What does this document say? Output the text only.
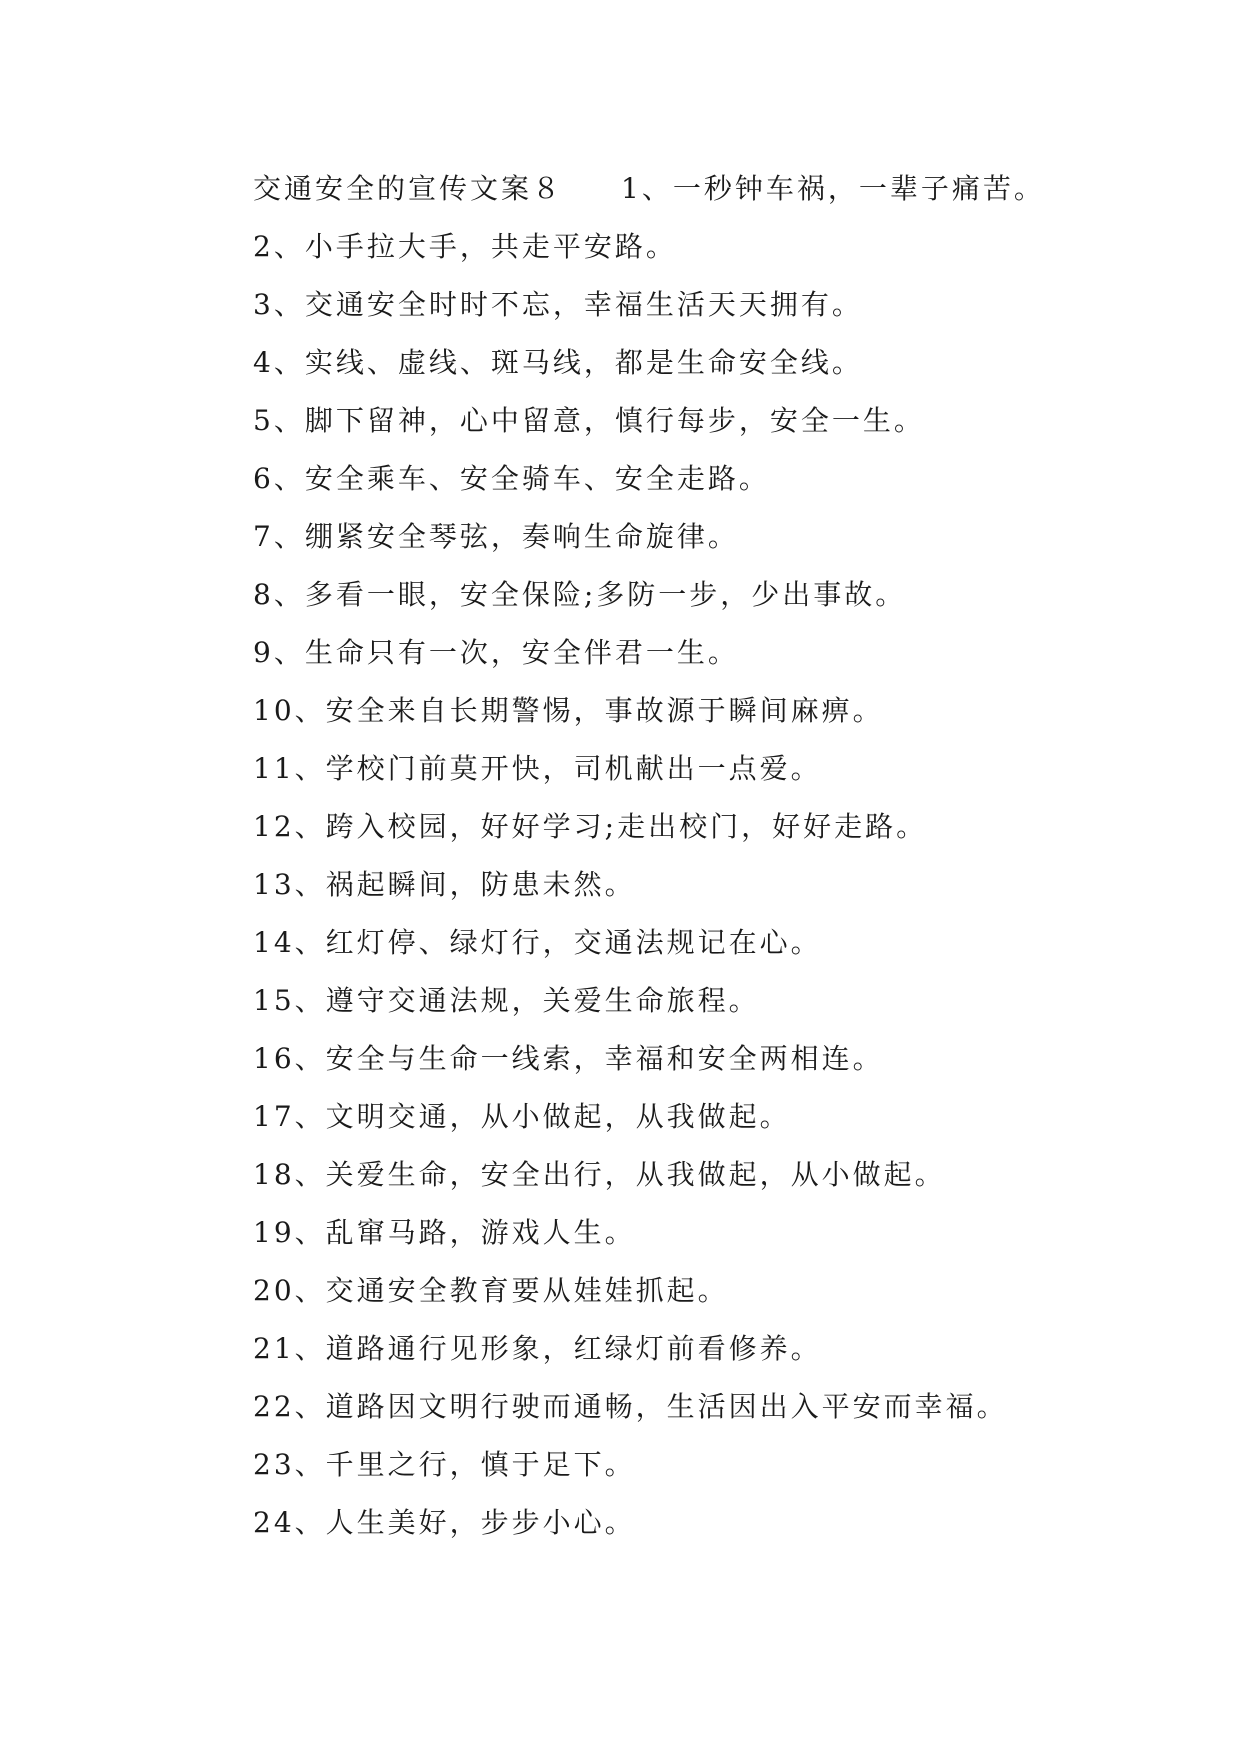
交通安全的宣传文案８ 1、一秒钟车祸，一辈子痛苦。
2、小手拉大手，共走平安路。
3、交通安全时时不忘，幸福生活天天拥有。
4、实线、虚线、斑马线，都是生命安全线。
5、脚下留神，心中留意，慎行每步，安全一生。
6、安全乘车、安全骑车、安全走路。
7、绷紧安全琴弦，奏响生命旋律。
8、多看一眼，安全保险;多防一步，少出事故。
9、生命只有一次，安全伴君一生。
10、安全来自长期警惕，事故源于瞬间麻痹。
11、学校门前莫开快，司机献出一点爱。
12、跨入校园，好好学习;走出校门，好好走路。
13、祸起瞬间，防患未然。
14、红灯停、绿灯行，交通法规记在心。
15、遵守交通法规，关爱生命旅程。
16、安全与生命一线索，幸福和安全两相连。
17、文明交通，从小做起，从我做起。
18、关爱生命，安全出行，从我做起，从小做起。
19、乱窜马路，游戏人生。
20、交通安全教育要从娃娃抓起。
21、道路通行见形象，红绿灯前看修养。
22、道路因文明行驶而通畅，生活因出入平安而幸福。
23、千里之行，慎于足下。
24、人生美好，步步小心。
